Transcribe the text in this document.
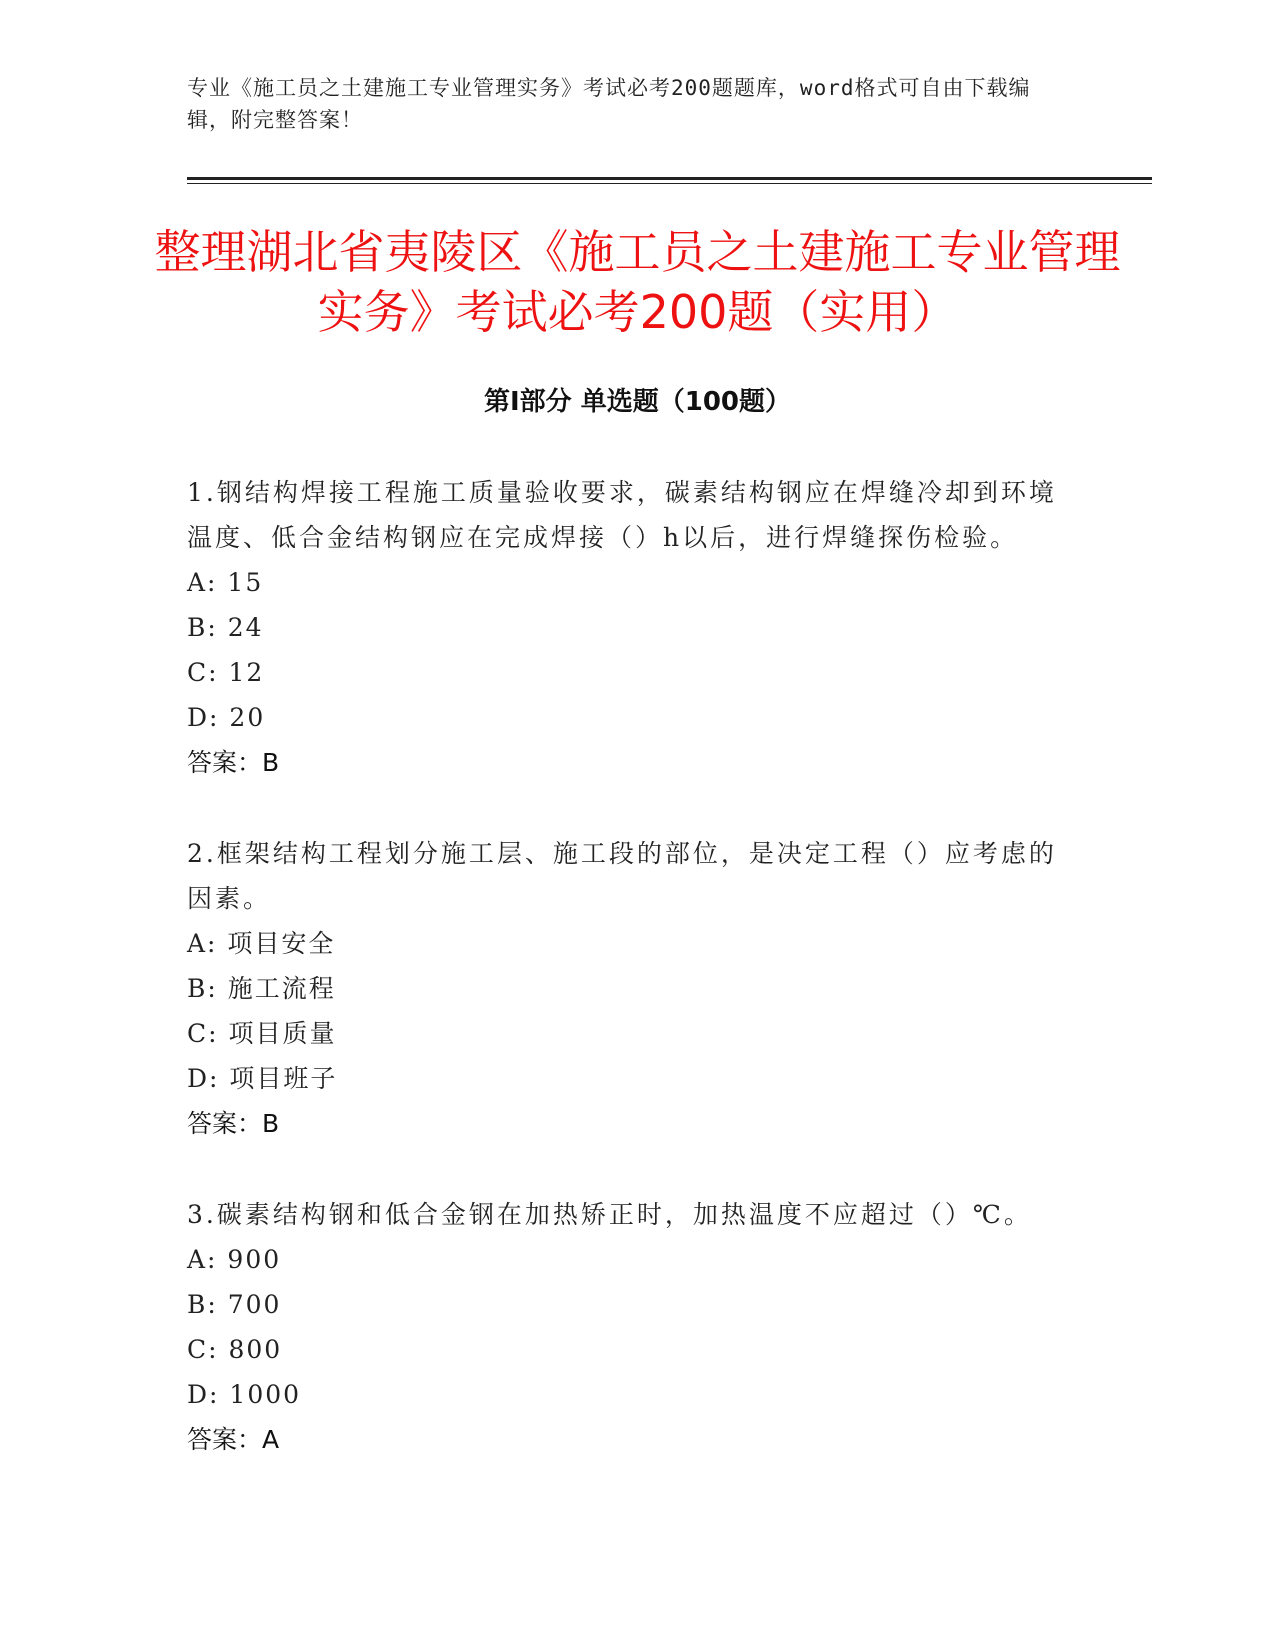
专业《施工员之土建施工专业管理实务》考试必考200题题库，word格式可自由下载编辑，附完整答案！
整理湖北省夷陵区《施工员之土建施工专业管理实务》考试必考200题（实用）
第Ⅰ部分 单选题（100题）
1.钢结构焊接工程施工质量验收要求，碳素结构钢应在焊缝冷却到环境温度、低合金结构钢应在完成焊接（）h以后，进行焊缝探伤检验。
A: 15
B: 24
C: 12
D: 20
答案：B
2.框架结构工程划分施工层、施工段的部位，是决定工程（）应考虑的因素。
A: 项目安全
B: 施工流程
C: 项目质量
D: 项目班子
答案：B
3.碳素结构钢和低合金钢在加热矫正时，加热温度不应超过（）℃。
A: 900
B: 700
C: 800
D: 1000
答案：A
